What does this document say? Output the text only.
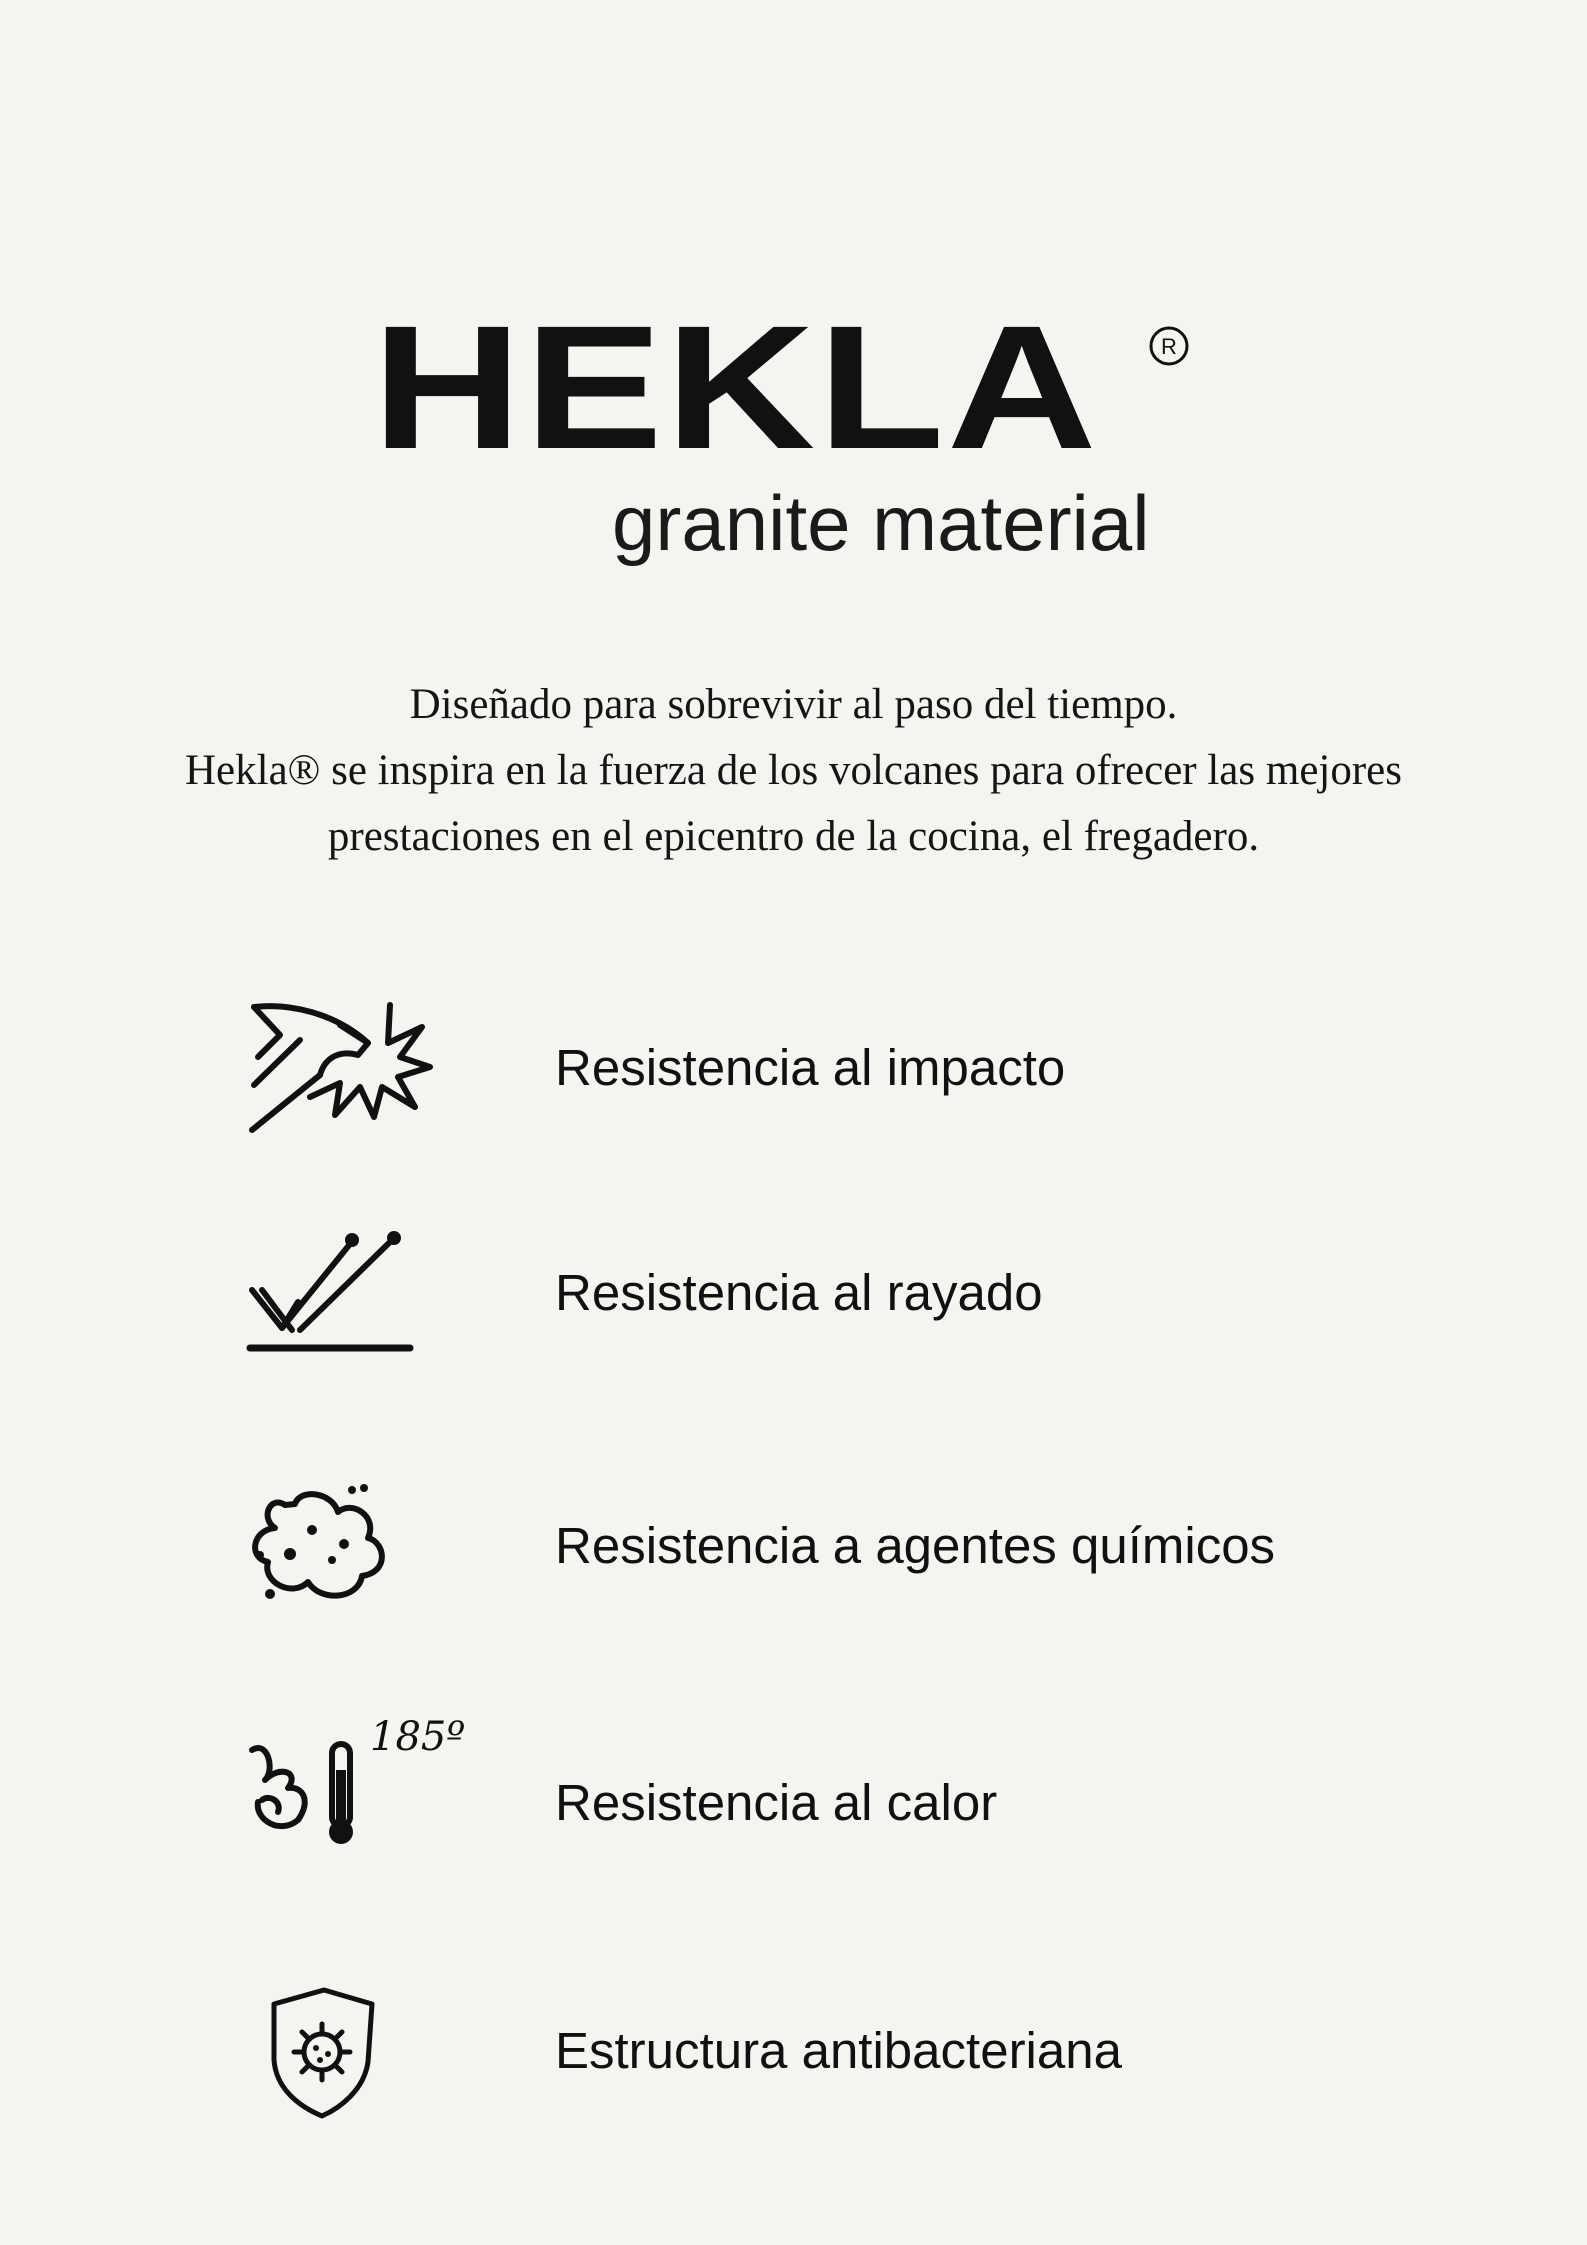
HEKLA	R
granite material
Diseñado para sobrevivir al paso del tiempo.
Hekla® se inspira en la fuerza de los volcanes para ofrecer las mejores
prestaciones en el epicentro de la cocina, el fregadero.
Resistencia al impacto
Resistencia al rayado
Resistencia a agentes químicos
185º
Resistencia al calor
Estructura antibacteriana
